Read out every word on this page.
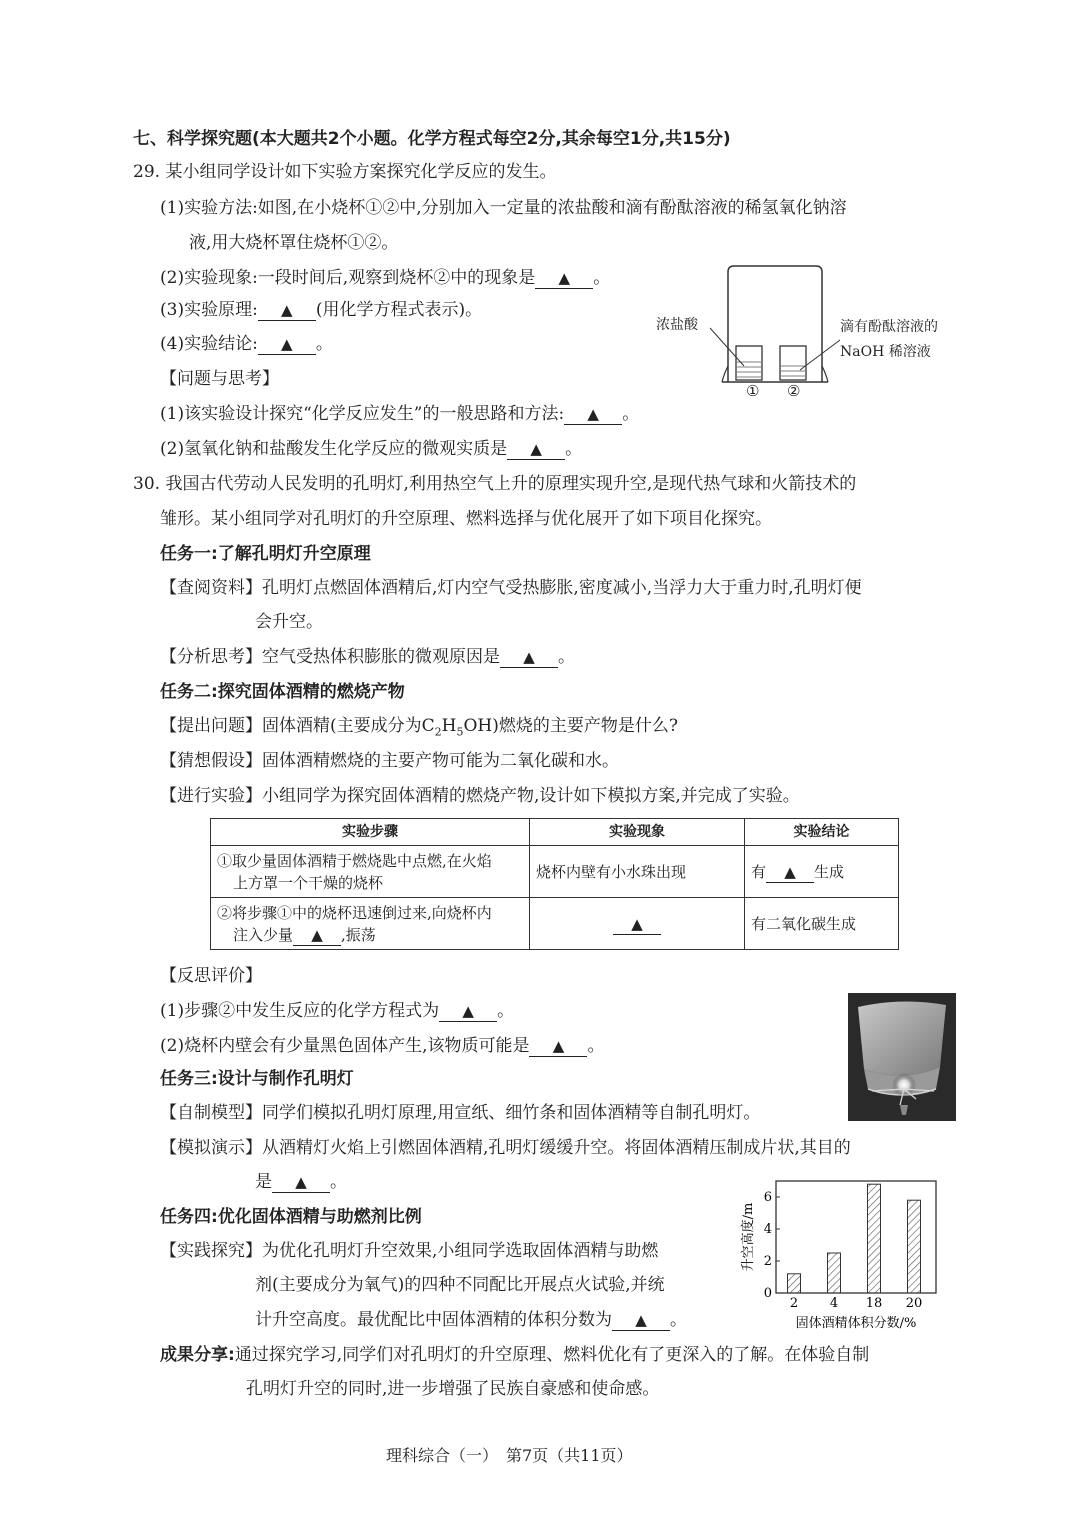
七、科学探究题(本大题共2个小题。化学方程式每空2分,其余每空1分,共15分)
29. 某小组同学设计如下实验方案探究化学反应的发生。
(1)实验方法:如图,在小烧杯①②中,分别加入一定量的浓盐酸和滴有酚酞溶液的稀氢氧化钠溶
液,用大烧杯罩住烧杯①②。
(2)实验现象:一段时间后,观察到烧杯②中的现象是 ▲ 。
(3)实验原理: ▲ (用化学方程式表示)。
(4)实验结论: ▲ 。
【问题与思考】
(1)该实验设计探究“化学反应发生”的一般思路和方法: ▲ 。
(2)氢氧化钠和盐酸发生化学反应的微观实质是 ▲ 。
浓盐酸	滴有酚酞溶液的
NaOH 稀溶液
① ②
30. 我国古代劳动人民发明的孔明灯,利用热空气上升的原理实现升空,是现代热气球和火箭技术的
雏形。某小组同学对孔明灯的升空原理、燃料选择与优化展开了如下项目化探究。
任务一:了解孔明灯升空原理
【查阅资料】孔明灯点燃固体酒精后,灯内空气受热膨胀,密度减小,当浮力大于重力时,孔明灯便
会升空。
【分析思考】空气受热体积膨胀的微观原因是 ▲ 。
任务二:探究固体酒精的燃烧产物
【提出问题】固体酒精(主要成分为$C_2H_5OH$)燃烧的主要产物是什么?
【猜想假设】固体酒精燃烧的主要产物可能为二氧化碳和水。
【进行实验】小组同学为探究固体酒精的燃烧产物,设计如下模拟方案,并完成了实验。
实验步骤	实验现象	实验结论

①取少量固体酒精于燃烧匙中点燃,在火焰
上方罩一个干燥的烧杯	烧杯内壁有小水珠出现	有 ▲ 生成

②将步骤①中的烧杯迅速倒过来,向烧杯内
注入少量 ▲ ,振荡	▲	有二氧化碳生成
【反思评价】
(1)步骤②中发生反应的化学方程式为 ▲ 。
(2)烧杯内壁会有少量黑色固体产生,该物质可能是 ▲ 。
任务三:设计与制作孔明灯
【自制模型】同学们模拟孔明灯原理,用宣纸、细竹条和固体酒精等自制孔明灯。
【模拟演示】从酒精灯火焰上引燃固体酒精,孔明灯缓缓升空。将固体酒精压制成片状,其目的
是 ▲ 。
任务四:优化固体酒精与助燃剂比例
【实践探究】为优化孔明灯升空效果,小组同学选取固体酒精与助燃
剂(主要成分为氧气)的四种不同配比开展点火试验,并统
计升空高度。最优配比中固体酒精的体积分数为 ▲ 。
成果分享:通过探究学习,同学们对孔明灯的升空原理、燃料优化有了更深入的了解。在体验自制
孔明灯升空的同时,进一步增强了民族自豪感和使命感。
升空高度/m
固体酒精体积分数/%
0
2
4
6
2 4 18 20
理科综合（一）　第7页（共11页）
